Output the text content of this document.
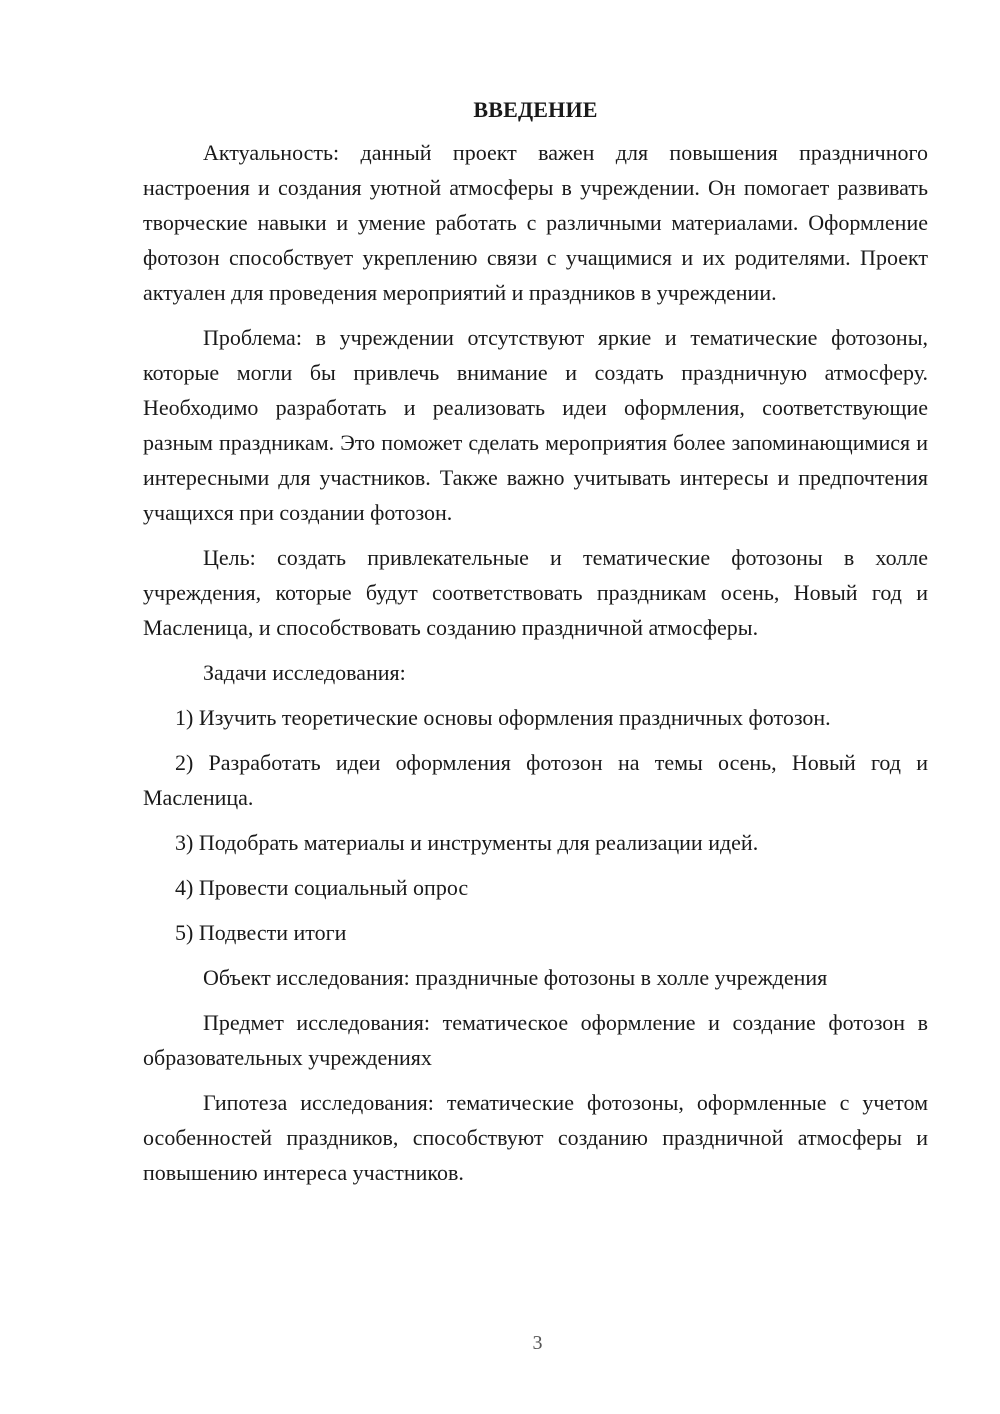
ВВЕДЕНИЕ

Актуальность: данный проект важен для повышения праздничного настроения и создания уютной атмосферы в учреждении. Он помогает развивать творческие навыки и умение работать с различными материалами. Оформление фотозон способствует укреплению связи с учащимися и их родителями. Проект актуален для проведения мероприятий и праздников в учреждении.

Проблема: в учреждении отсутствуют яркие и тематические фотозоны, которые могли бы привлечь внимание и создать праздничную атмосферу. Необходимо разработать и реализовать идеи оформления, соответствующие разным праздникам. Это поможет сделать мероприятия более запоминающимися и интересными для участников. Также важно учитывать интересы и предпочтения учащихся при создании фотозон.

Цель: создать привлекательные и тематические фотозоны в холле учреждения, которые будут соответствовать праздникам осень, Новый год и Масленица, и способствовать созданию праздничной атмосферы.

Задачи исследования:

1) Изучить теоретические основы оформления праздничных фотозон.

2) Разработать идеи оформления фотозон на темы осень, Новый год и Масленица.

3) Подобрать материалы и инструменты для реализации идей.

4) Провести социальный опрос

5) Подвести итоги

Объект исследования: праздничные фотозоны в холле учреждения

Предмет исследования: тематическое оформление и создание фотозон в образовательных учреждениях

Гипотеза исследования: тематические фотозоны, оформленные с учетом особенностей праздников, способствуют созданию праздничной атмосферы и повышению интереса участников.

3
